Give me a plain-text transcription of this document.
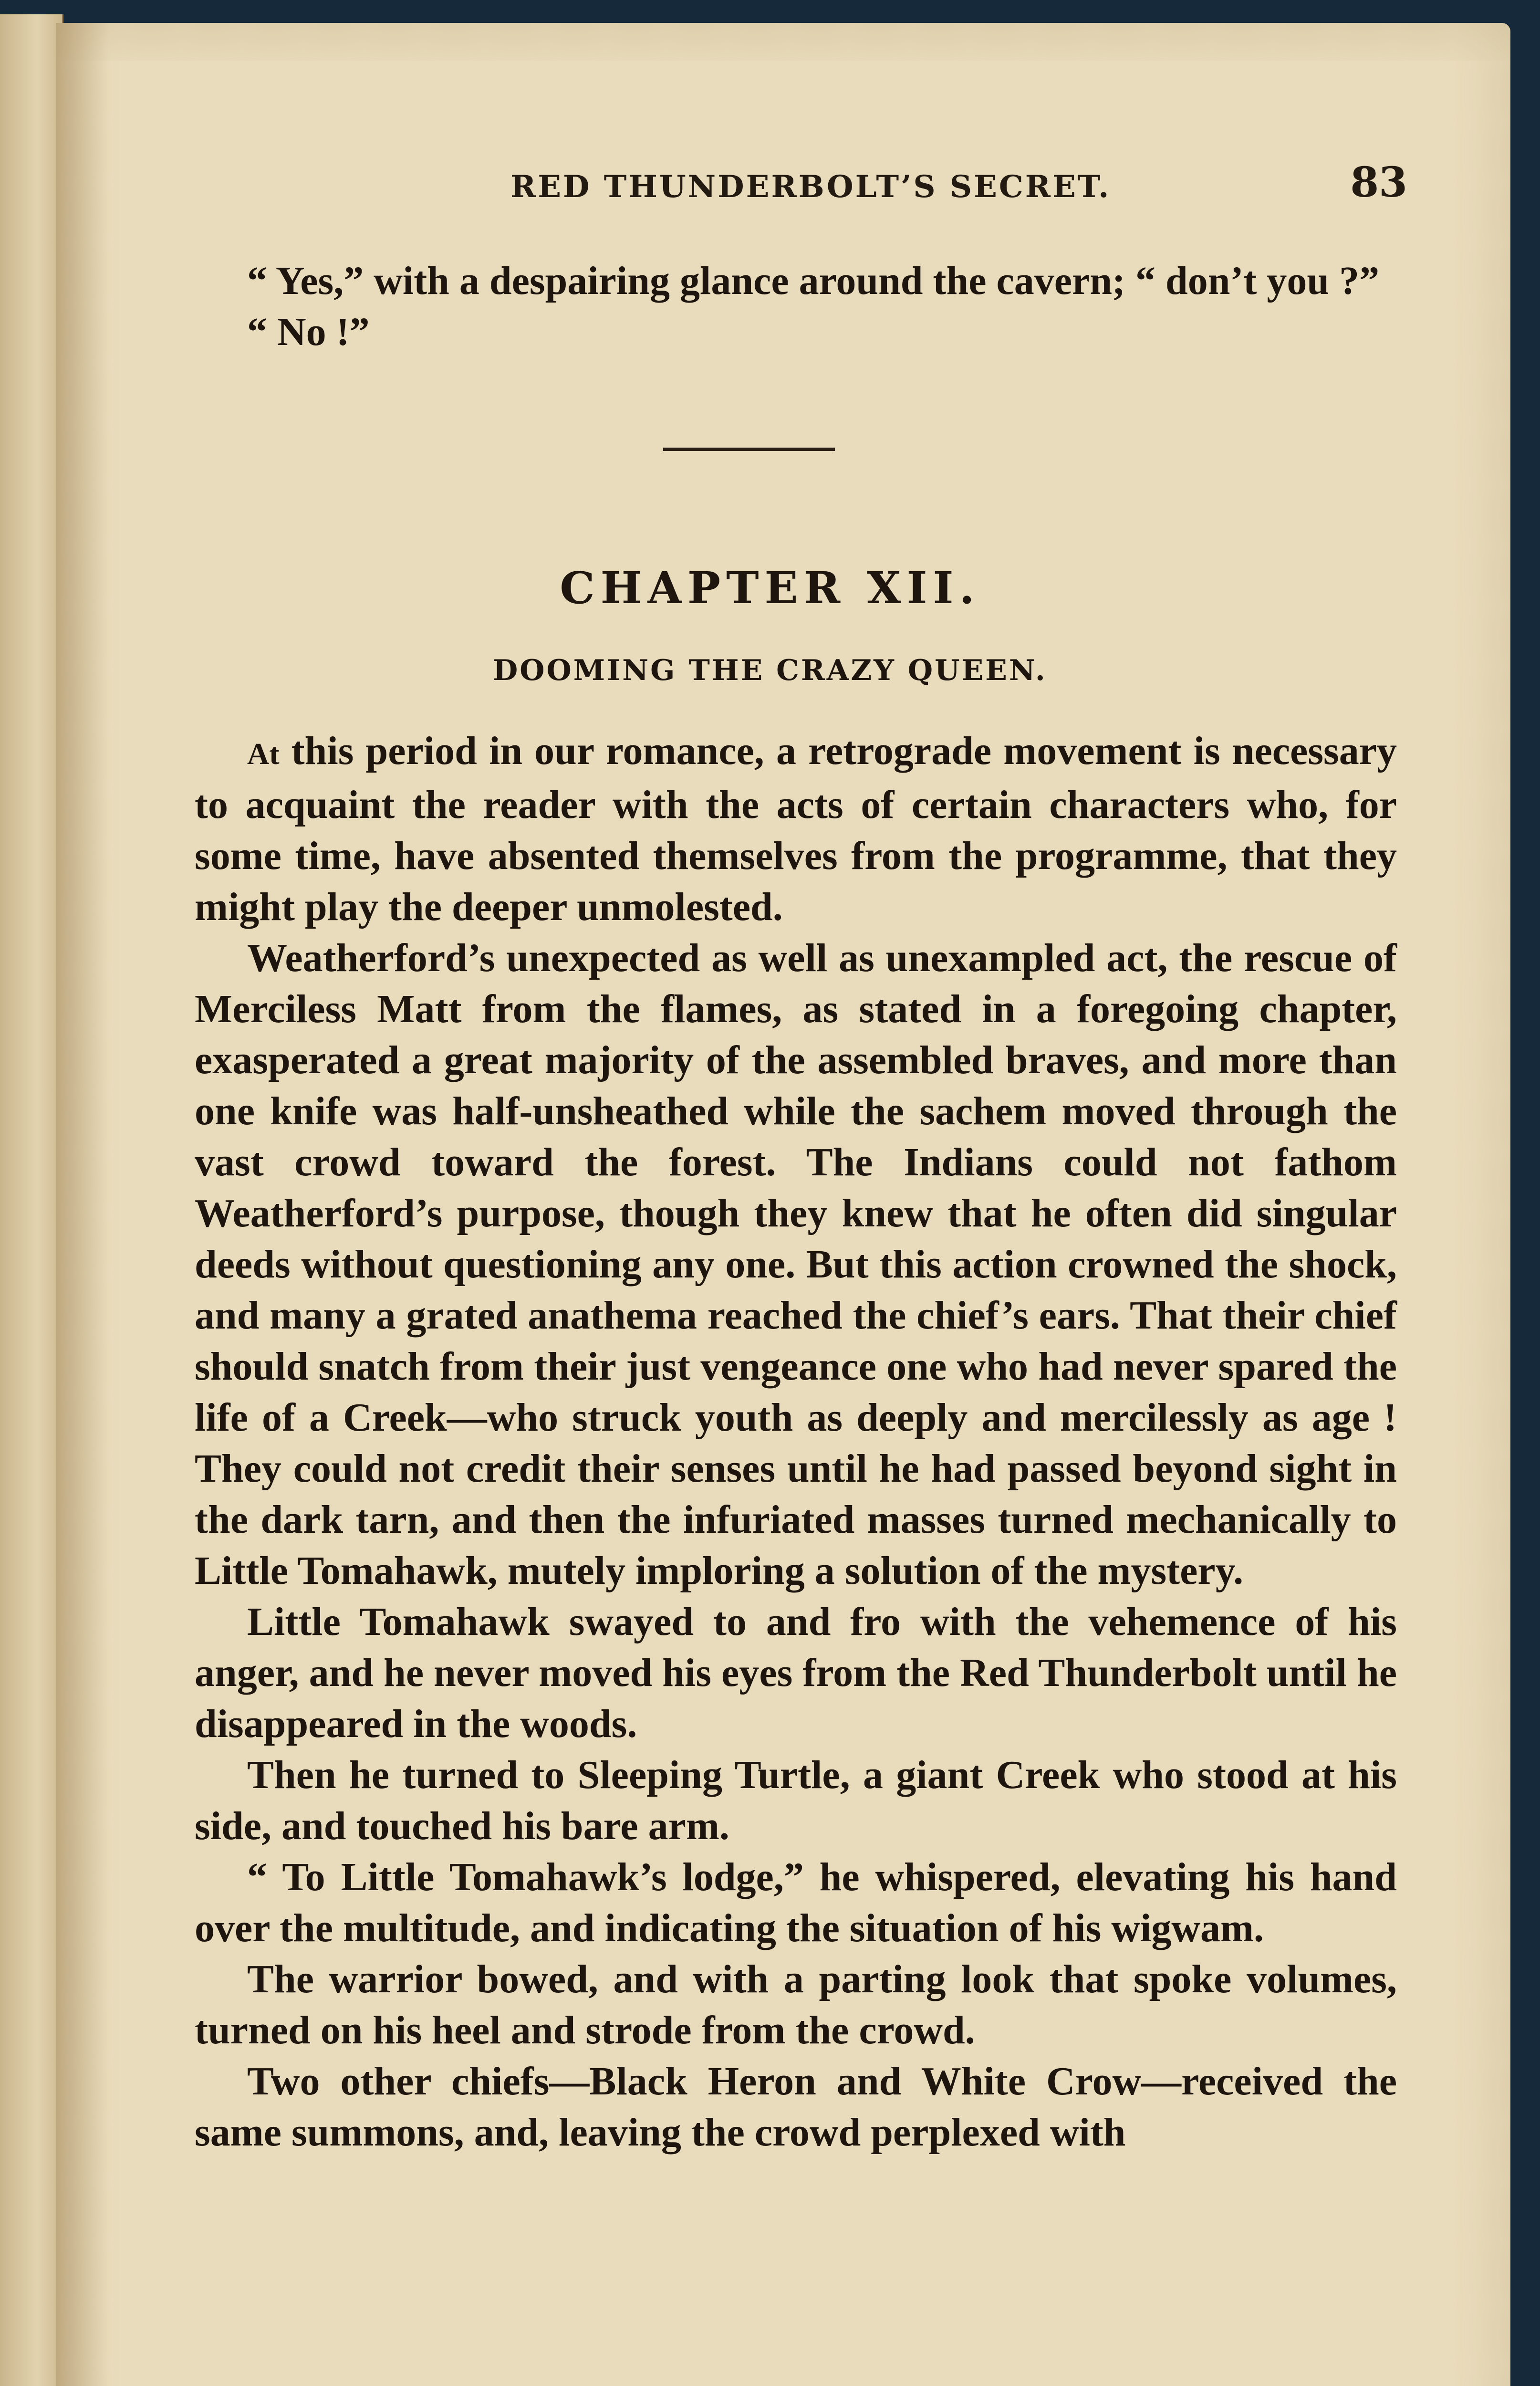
RED THUNDERBOLT’S SECRET.	83

“ Yes,” with a despairing glance around the cavern; “ don’t you ?”

“ No !”

CHAPTER XII.
DOOMING THE CRAZY QUEEN.

At this period in our romance, a retrograde movement is necessary to acquaint the reader with the acts of certain characters who, for some time, have absented themselves from the programme, that they might play the deeper unmolested.

Weatherford’s unexpected as well as unexampled act, the rescue of Merciless Matt from the flames, as stated in a foregoing chapter, exasperated a great majority of the assembled braves, and more than one knife was half-unsheathed while the sachem moved through the vast crowd toward the forest. The Indians could not fathom Weatherford’s purpose, though they knew that he often did singular deeds without questioning any one. But this action crowned the shock, and many a grated anathema reached the chief’s ears. That their chief should snatch from their just vengeance one who had never spared the life of a Creek—who struck youth as deeply and mercilessly as age ! They could not credit their senses until he had passed beyond sight in the dark tarn, and then the infuriated masses turned mechanically to Little Tomahawk, mutely imploring a solution of the mystery.

Little Tomahawk swayed to and fro with the vehemence of his anger, and he never moved his eyes from the Red Thunderbolt until he disappeared in the woods.

Then he turned to Sleeping Turtle, a giant Creek who stood at his side, and touched his bare arm.

“ To Little Tomahawk’s lodge,” he whispered, elevating his hand over the multitude, and indicating the situation of his wigwam.

The warrior bowed, and with a parting look that spoke volumes, turned on his heel and strode from the crowd.

Two other chiefs—Black Heron and White Crow—received the same summons, and, leaving the crowd perplexed with
